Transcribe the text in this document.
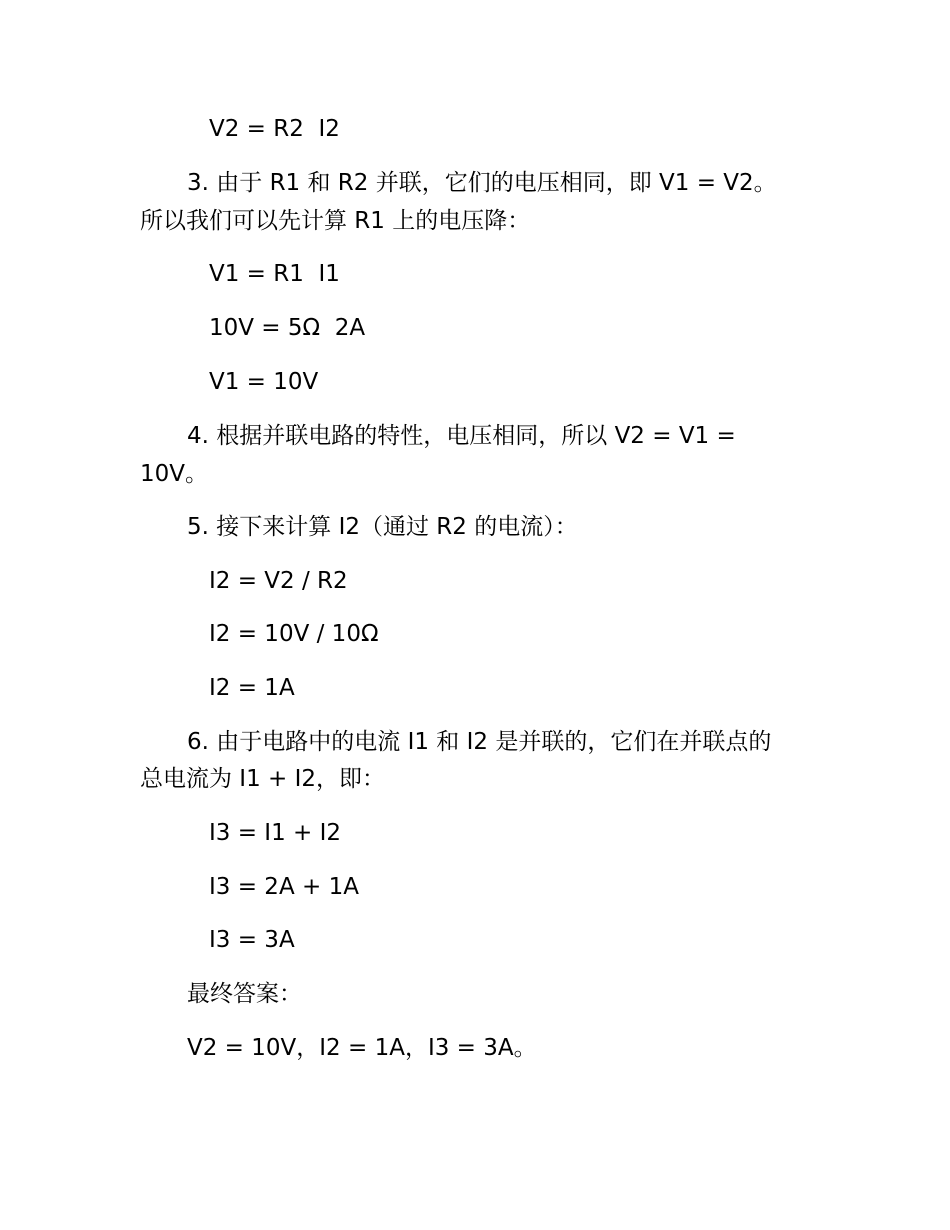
V2 = R2  I2

3. 由于 R1 和 R2 并联，它们的电压相同，即 V1 = V2。

所以我们可以先计算 R1 上的电压降：

V1 = R1  I1

10V = 5Ω  2A

V1 = 10V

4. 根据并联电路的特性，电压相同，所以 V2 = V1 =

10V。

5. 接下来计算 I2（通过 R2 的电流）：

I2 = V2 / R2

I2 = 10V / 10Ω

I2 = 1A

6. 由于电路中的电流 I1 和 I2 是并联的，它们在并联点的

总电流为 I1 + I2，即：

I3 = I1 + I2

I3 = 2A + 1A

I3 = 3A

最终答案：

V2 = 10V，I2 = 1A，I3 = 3A。
